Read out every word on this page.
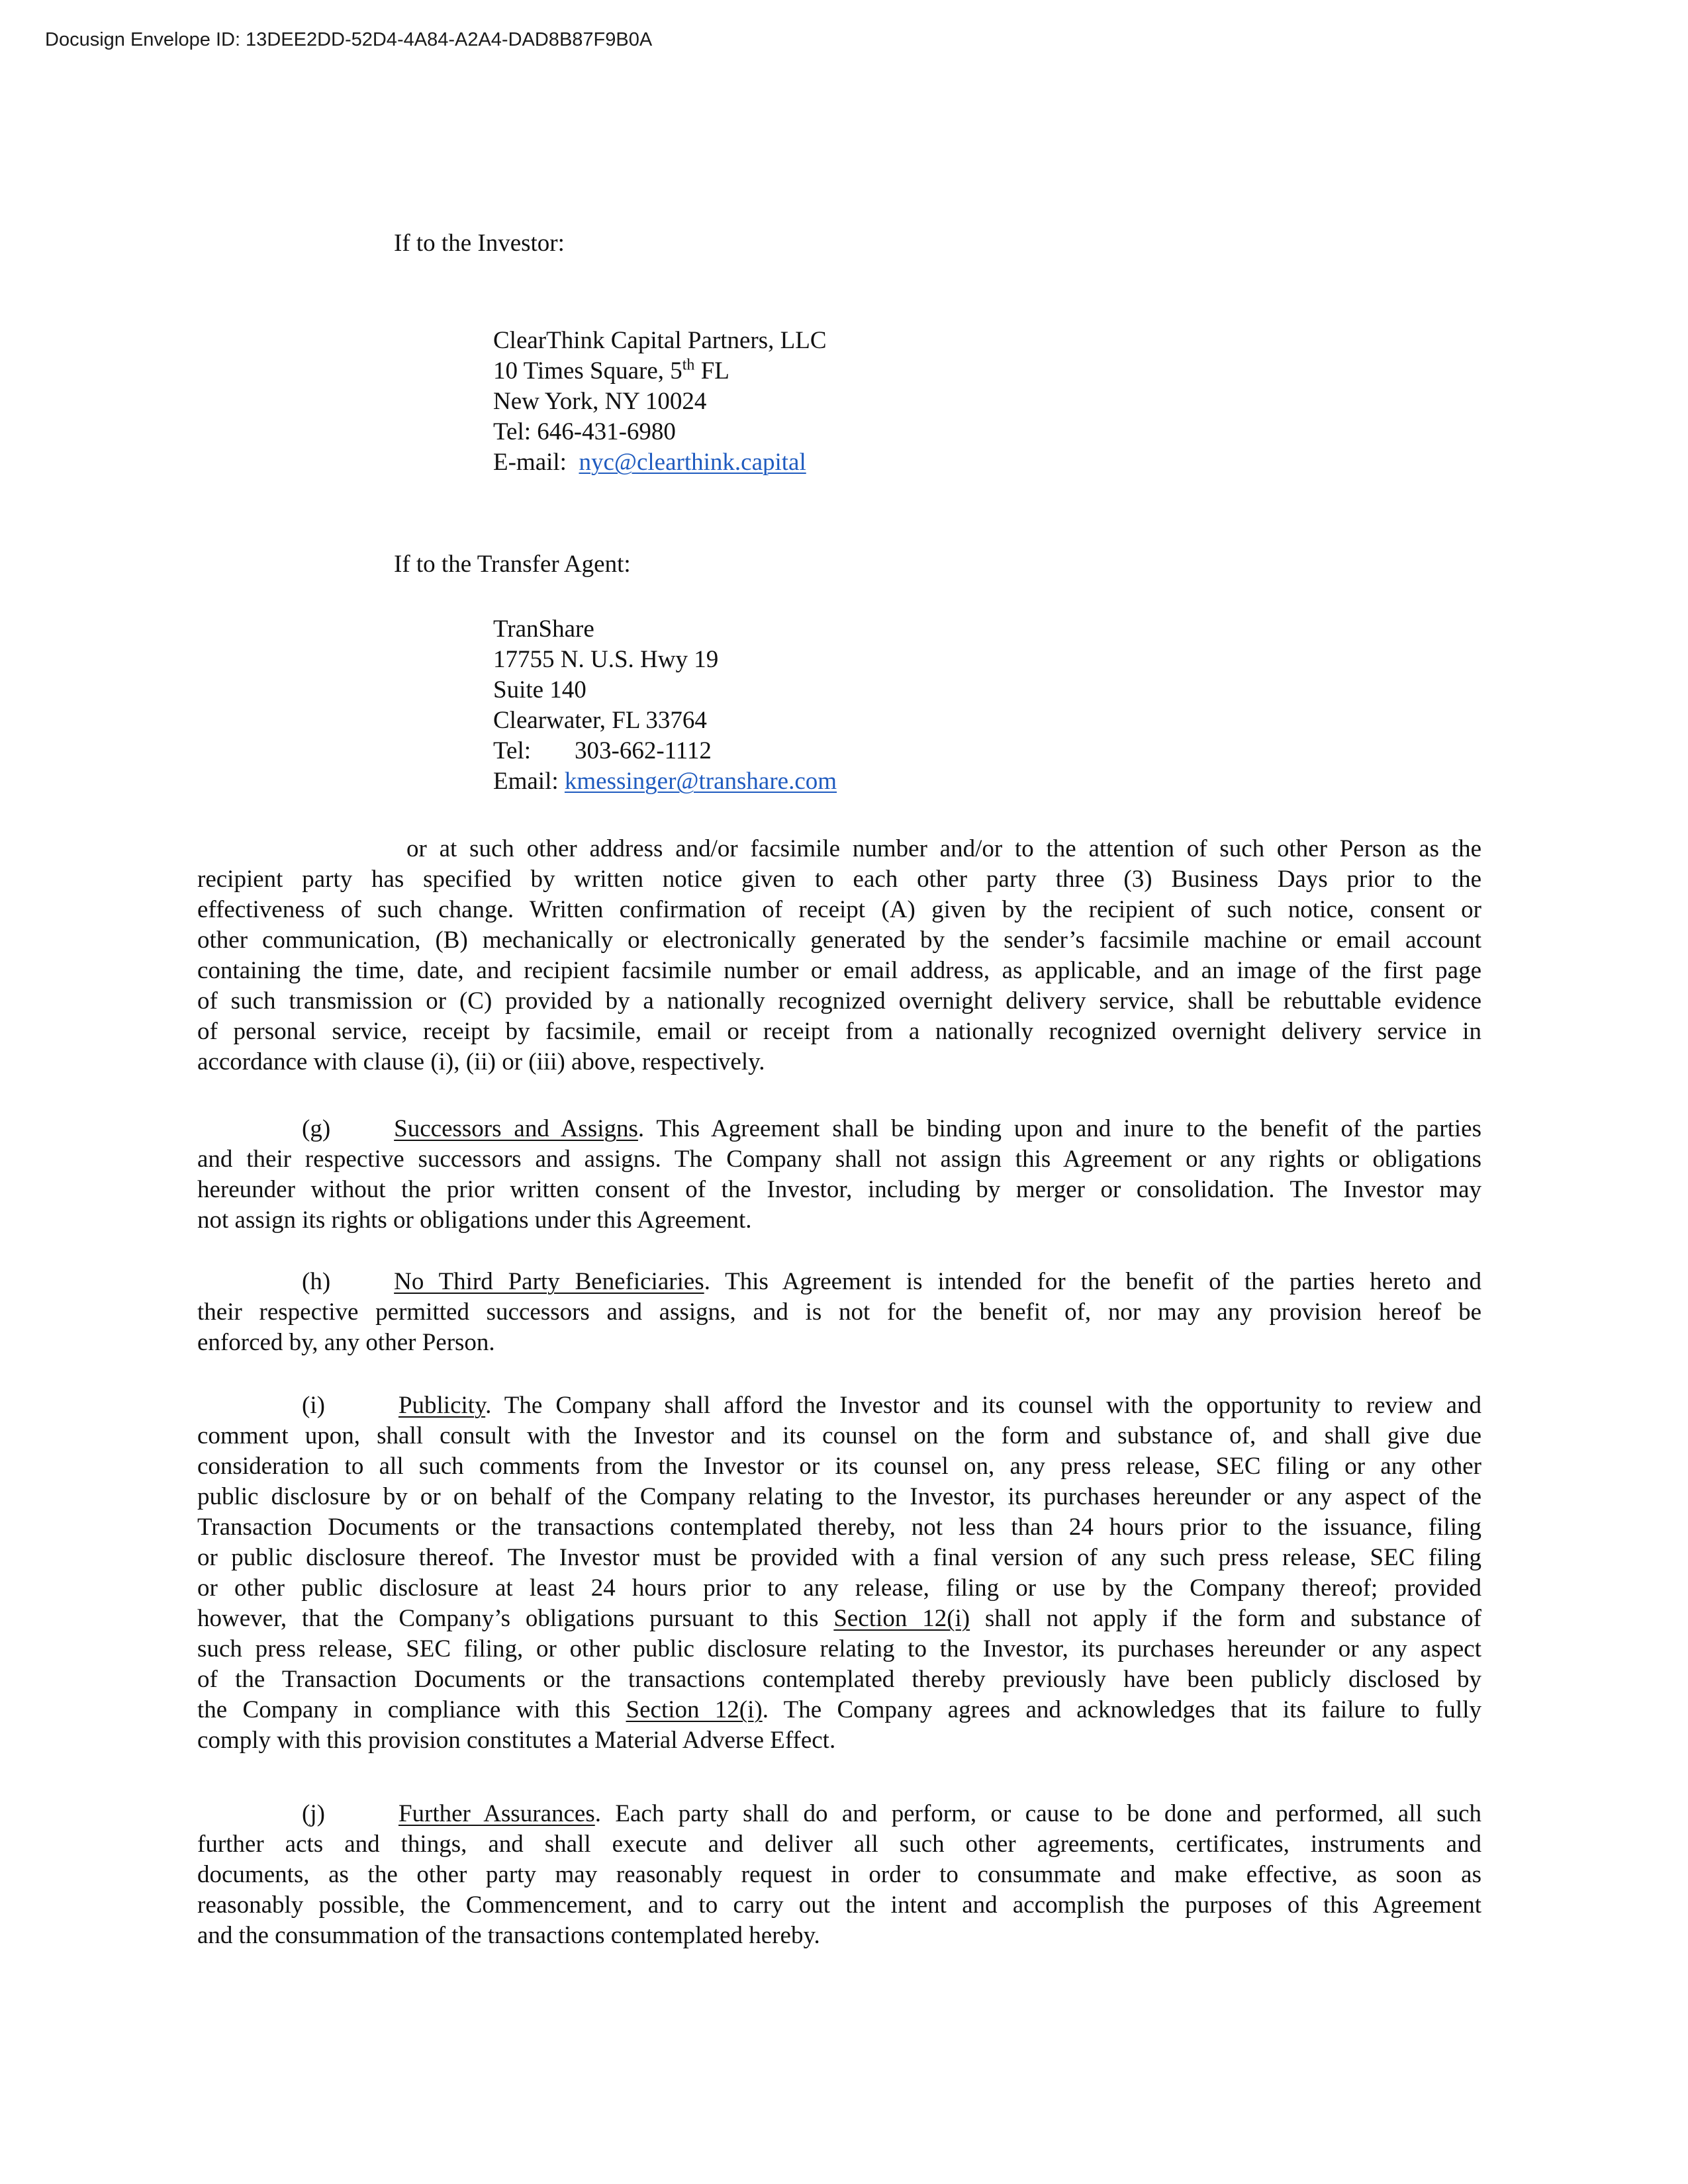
Docusign Envelope ID: 13DEE2DD-52D4-4A84-A2A4-DAD8B87F9B0A

If to the Investor:

ClearThink Capital Partners, LLC
10 Times Square, 5th FL
New York, NY 10024
Tel: 646-431-6980
E-mail: nyc@clearthink.capital

If to the Transfer Agent:

TranShare
17755 N. U.S. Hwy 19
Suite 140
Clearwater, FL 33764
Tel: 303-662-1112
Email: kmessinger@transhare.com
or at such other address and/or facsimile number and/or to the attention of such other Person as the
recipient party has specified by written notice given to each other party three (3) Business Days prior to the
effectiveness of such change. Written confirmation of receipt (A) given by the recipient of such notice, consent or
other communication, (B) mechanically or electronically generated by the sender’s facsimile machine or email account
containing the time, date, and recipient facsimile number or email address, as applicable, and an image of the first page
of such transmission or (C) provided by a nationally recognized overnight delivery service, shall be rebuttable evidence
of personal service, receipt by facsimile, email or receipt from a nationally recognized overnight delivery service in
accordance with clause (i), (ii) or (iii) above, respectively.
(g)	Successors and Assigns. This Agreement shall be binding upon and inure to the benefit of the parties
and their respective successors and assigns. The Company shall not assign this Agreement or any rights or obligations
hereunder without the prior written consent of the Investor, including by merger or consolidation. The Investor may
not assign its rights or obligations under this Agreement.
(h)	No Third Party Beneficiaries. This Agreement is intended for the benefit of the parties hereto and
their respective permitted successors and assigns, and is not for the benefit of, nor may any provision hereof be
enforced by, any other Person.
(i)	Publicity. The Company shall afford the Investor and its counsel with the opportunity to review and
comment upon, shall consult with the Investor and its counsel on the form and substance of, and shall give due
consideration to all such comments from the Investor or its counsel on, any press release, SEC filing or any other
public disclosure by or on behalf of the Company relating to the Investor, its purchases hereunder or any aspect of the
Transaction Documents or the transactions contemplated thereby, not less than 24 hours prior to the issuance, filing
or public disclosure thereof. The Investor must be provided with a final version of any such press release, SEC filing
or other public disclosure at least 24 hours prior to any release, filing or use by the Company thereof; provided
however, that the Company’s obligations pursuant to this Section 12(i) shall not apply if the form and substance of
such press release, SEC filing, or other public disclosure relating to the Investor, its purchases hereunder or any aspect
of the Transaction Documents or the transactions contemplated thereby previously have been publicly disclosed by
the Company in compliance with this Section 12(i). The Company agrees and acknowledges that its failure to fully
comply with this provision constitutes a Material Adverse Effect.
(j)	Further Assurances. Each party shall do and perform, or cause to be done and performed, all such
further acts and things, and shall execute and deliver all such other agreements, certificates, instruments and
documents, as the other party may reasonably request in order to consummate and make effective, as soon as
reasonably possible, the Commencement, and to carry out the intent and accomplish the purposes of this Agreement
and the consummation of the transactions contemplated hereby.
